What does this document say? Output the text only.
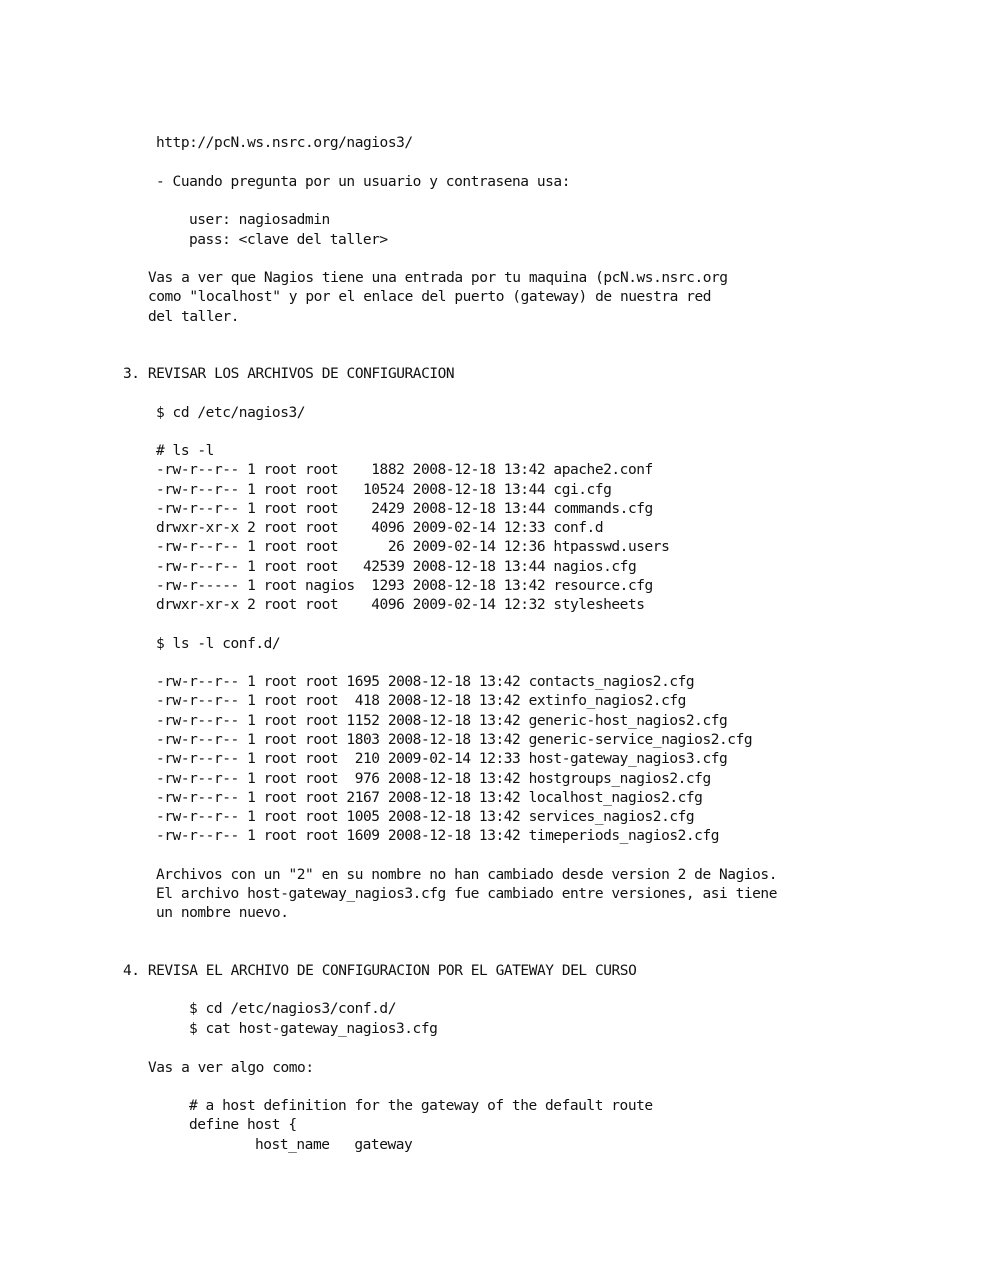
http://pcN.ws.nsrc.org/nagios3/

- Cuando pregunta por un usuario y contrasena usa:

user: nagiosadmin

pass: <clave del taller>

Vas a ver que Nagios tiene una entrada por tu maquina (pcN.ws.nsrc.org

como "localhost" y por el enlace del puerto (gateway) de nuestra red

del taller.

3. REVISAR LOS ARCHIVOS DE CONFIGURACION

$ cd /etc/nagios3/

# ls -l

-rw-r--r-- 1 root root    1882 2008-12-18 13:42 apache2.conf

-rw-r--r-- 1 root root   10524 2008-12-18 13:44 cgi.cfg

-rw-r--r-- 1 root root    2429 2008-12-18 13:44 commands.cfg

drwxr-xr-x 2 root root    4096 2009-02-14 12:33 conf.d

-rw-r--r-- 1 root root      26 2009-02-14 12:36 htpasswd.users

-rw-r--r-- 1 root root   42539 2008-12-18 13:44 nagios.cfg

-rw-r----- 1 root nagios  1293 2008-12-18 13:42 resource.cfg

drwxr-xr-x 2 root root    4096 2009-02-14 12:32 stylesheets

$ ls -l conf.d/

-rw-r--r-- 1 root root 1695 2008-12-18 13:42 contacts_nagios2.cfg

-rw-r--r-- 1 root root  418 2008-12-18 13:42 extinfo_nagios2.cfg

-rw-r--r-- 1 root root 1152 2008-12-18 13:42 generic-host_nagios2.cfg

-rw-r--r-- 1 root root 1803 2008-12-18 13:42 generic-service_nagios2.cfg

-rw-r--r-- 1 root root  210 2009-02-14 12:33 host-gateway_nagios3.cfg

-rw-r--r-- 1 root root  976 2008-12-18 13:42 hostgroups_nagios2.cfg

-rw-r--r-- 1 root root 2167 2008-12-18 13:42 localhost_nagios2.cfg

-rw-r--r-- 1 root root 1005 2008-12-18 13:42 services_nagios2.cfg

-rw-r--r-- 1 root root 1609 2008-12-18 13:42 timeperiods_nagios2.cfg

Archivos con un "2" en su nombre no han cambiado desde version 2 de Nagios.

El archivo host-gateway_nagios3.cfg fue cambiado entre versiones, asi tiene

un nombre nuevo.

4. REVISA EL ARCHIVO DE CONFIGURACION POR EL GATEWAY DEL CURSO

$ cd /etc/nagios3/conf.d/

$ cat host-gateway_nagios3.cfg

Vas a ver algo como:

# a host definition for the gateway of the default route

define host {

host_name   gateway
